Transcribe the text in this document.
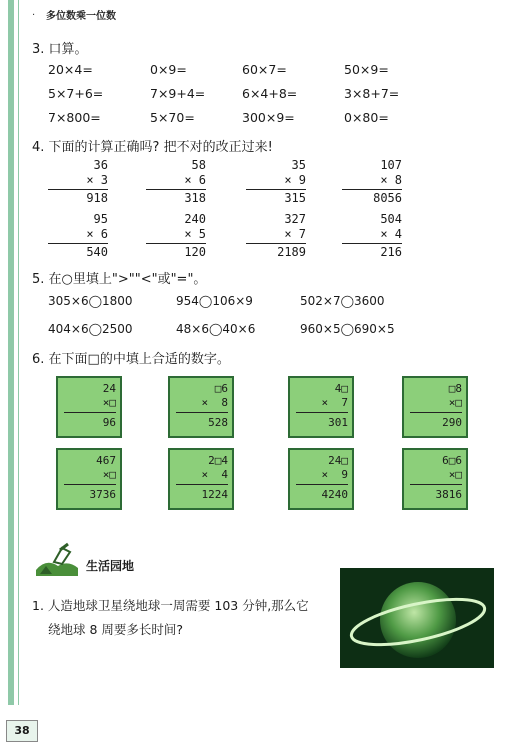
· 多位数乘一位数
3. 口算。
20×4=	0×9=	60×7=	50×9=
5×7+6=	7×9+4=	6×4+8=	3×8+7=
7×800=	5×70=	300×9=	0×80=
4. 下面的计算正确吗? 把不对的改正过来!
36
× 3
918
58
× 6
318
35
× 9
315
107
× 8
8056
95
× 6
540
240
× 5
120
327
× 7
2189
504
× 4
216
5. 在○里填上">""<"或"="。
305×6◯1800	954◯106×9	502×7◯3600
404×6◯2500	48×6◯40×6	960×5◯690×5
6. 在下面□的中填上合适的数字。
24
×□
96
□6
×  8
528
4□
×  7
301
□8
×□
290
467
×□
3736
2□4
×  4
1224
24□
×  9
4240
6□6
×□
3816
生活园地
1. 人造地球卫星绕地球一周需要 103 分钟,那么它
绕地球 8 周要多长时间?
38
